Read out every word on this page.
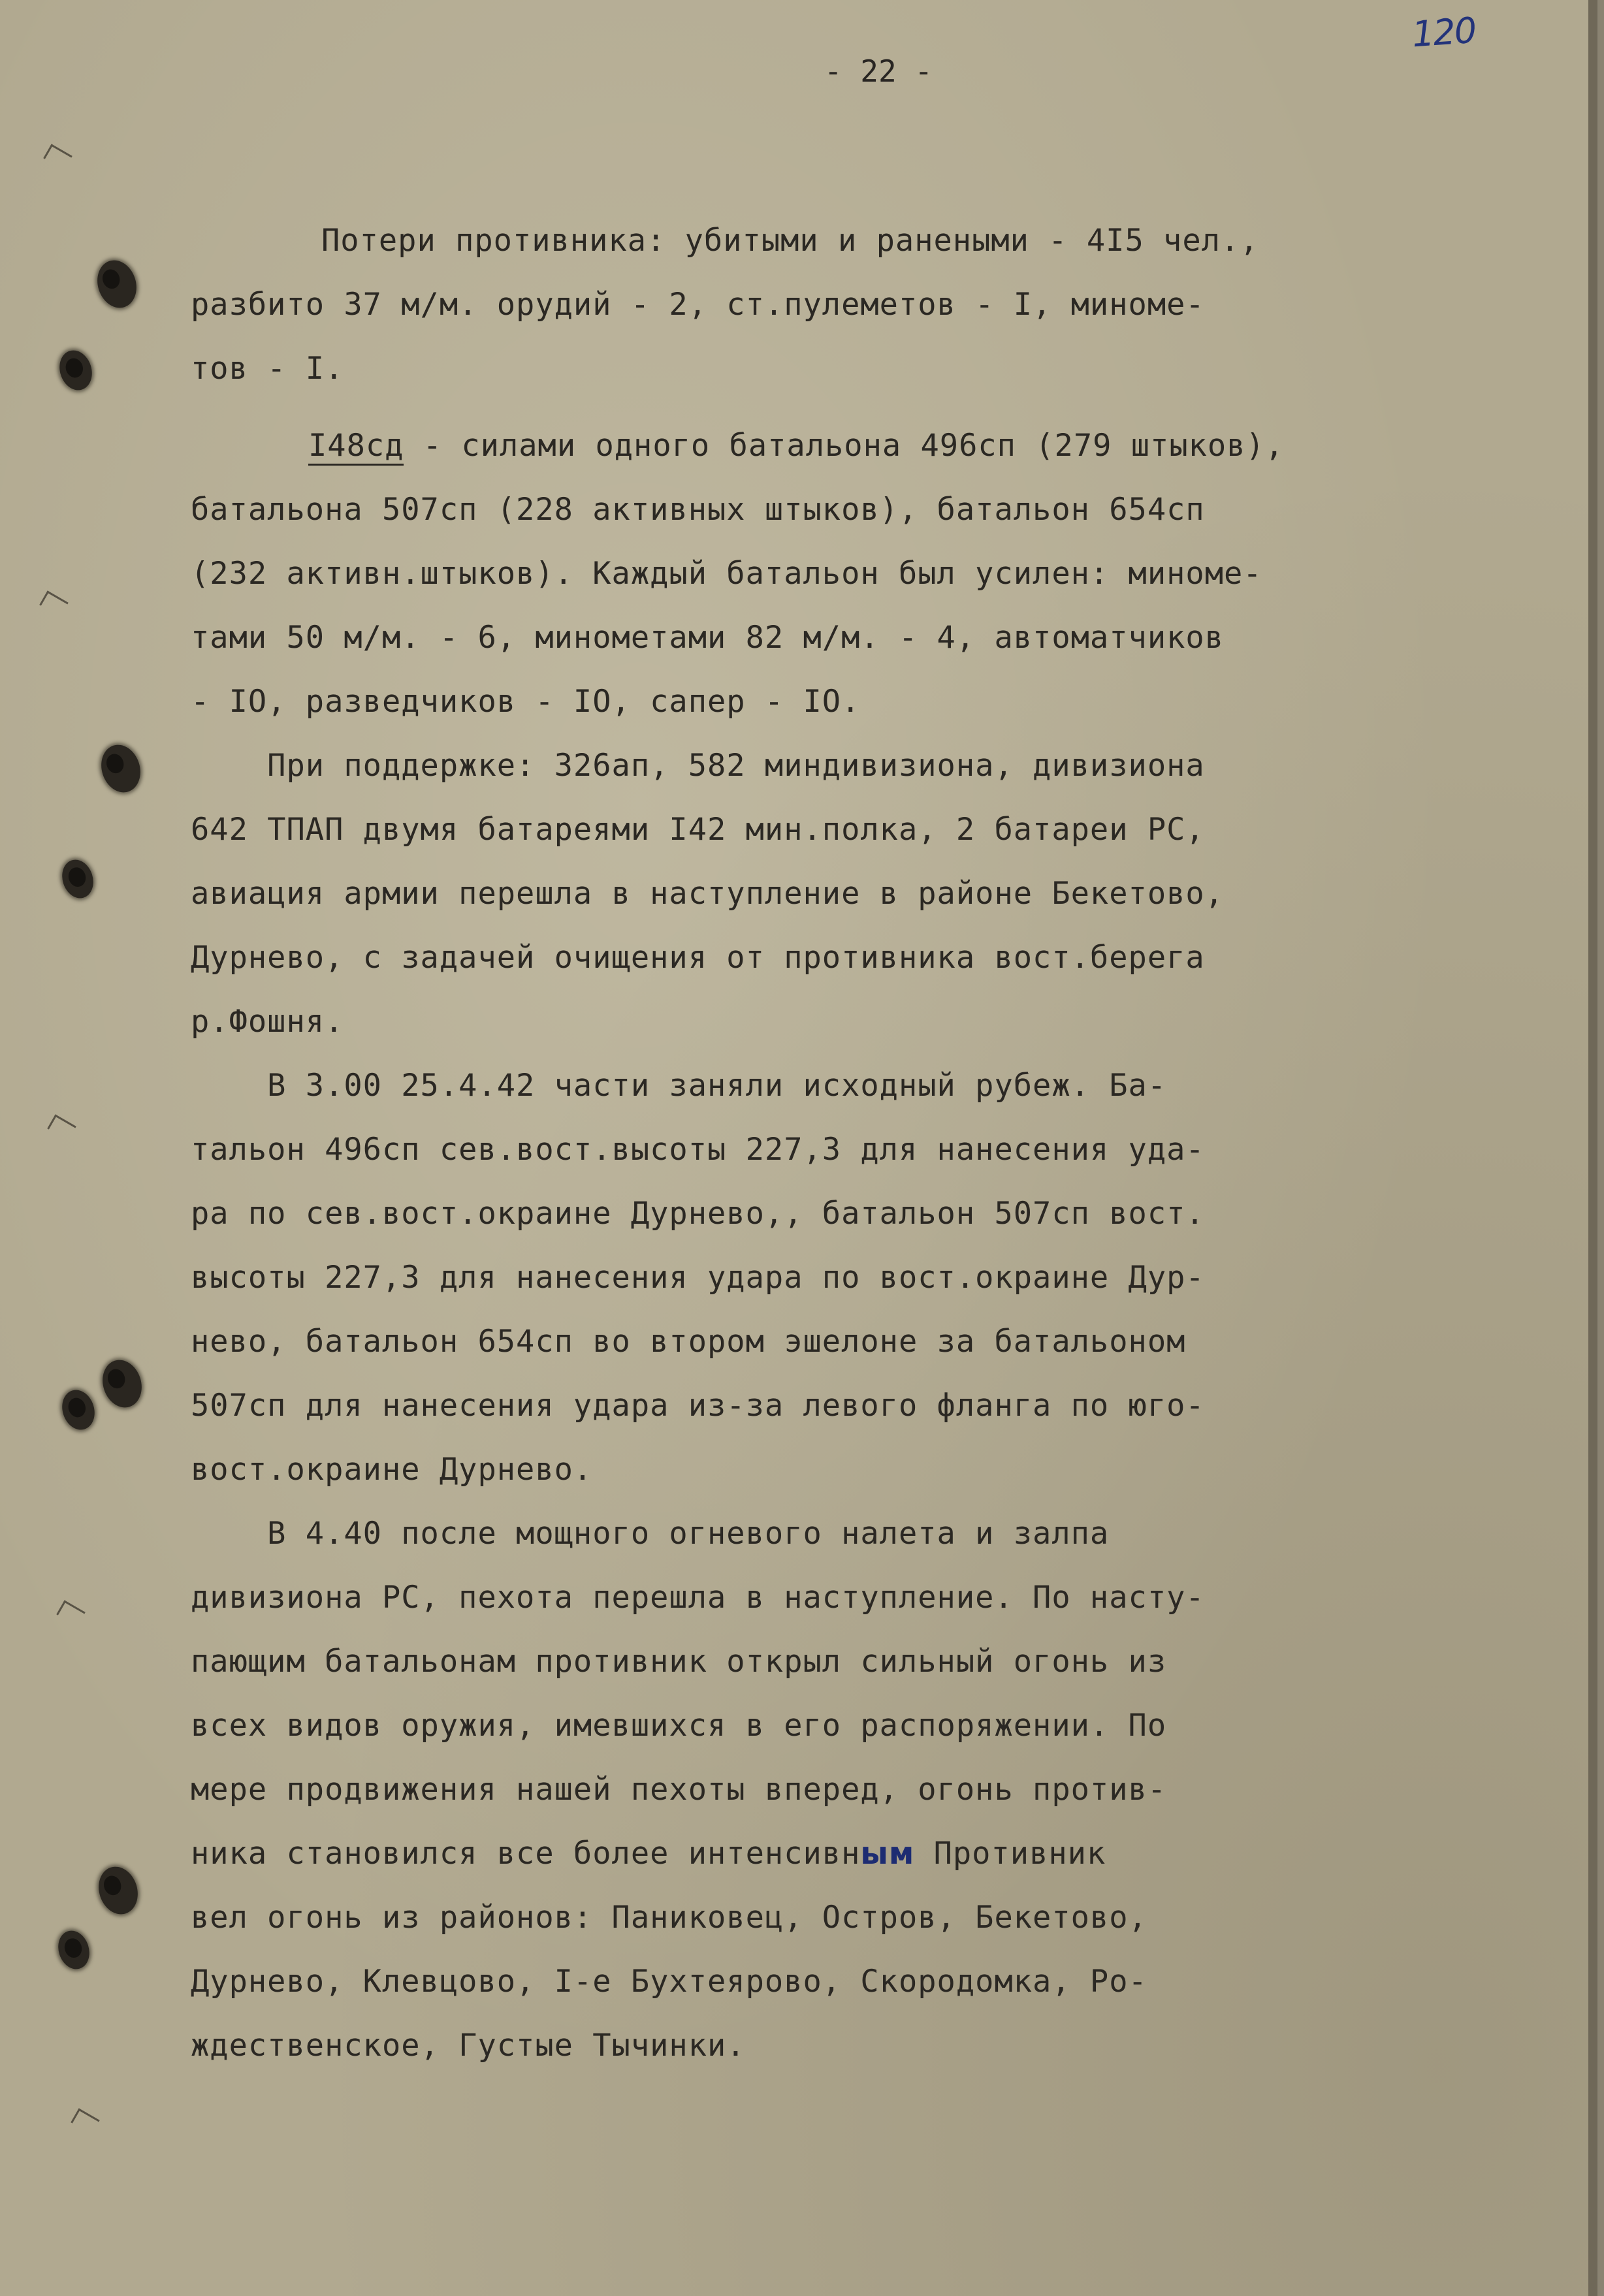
120
- 22 -
Потери противника: убитыми и ранеными - 4I5 чел.,
разбито 37 м/м. орудий - 2, ст.пулеметов - I, миноме-
тов - I.
I48сд - силами одного батальона 496сп (279 штыков),
батальона 507сп (228 активных штыков), батальон 654сп
(232 активн.штыков). Каждый батальон был усилен: миноме-
тами 50 м/м. - 6, минометами 82 м/м. - 4, автоматчиков
- IO, разведчиков - IO, сапер - IO.
При поддержке: 326ап, 582 миндивизиона, дивизиона
642 ТПАП двумя батареями I42 мин.полка, 2 батареи РС,
авиация армии перешла в наступление в районе Бекетово,
Дурнево, с задачей очищения от противника вост.берега
р.Фошня.
В 3.00 25.4.42 части заняли исходный рубеж. Ба-
тальон 496сп сев.вост.высоты 227,3 для нанесения уда-
ра по сев.вост.окраине Дурнево,, батальон 507сп вост.
высоты 227,3 для нанесения удара по вост.окраине Дур-
нево, батальон 654сп во втором эшелоне за батальоном
507сп для нанесения удара из-за левого фланга по юго-
вост.окраине Дурнево.
В 4.40 после мощного огневого налета и залпа
дивизиона РС, пехота перешла в наступление. По насту-
пающим батальонам противник открыл сильный огонь из
всех видов оружия, имевшихся в его распоряжении. По
мере продвижения нашей пехоты вперед, огонь против-
ника становился все более интенсивным Противник
вел огонь из районов: Паниковец, Остров, Бекетово,
Дурнево, Клевцово, I-е Бухтеярово, Скородомка, Ро-
ждественское, Густые Тычинки.
